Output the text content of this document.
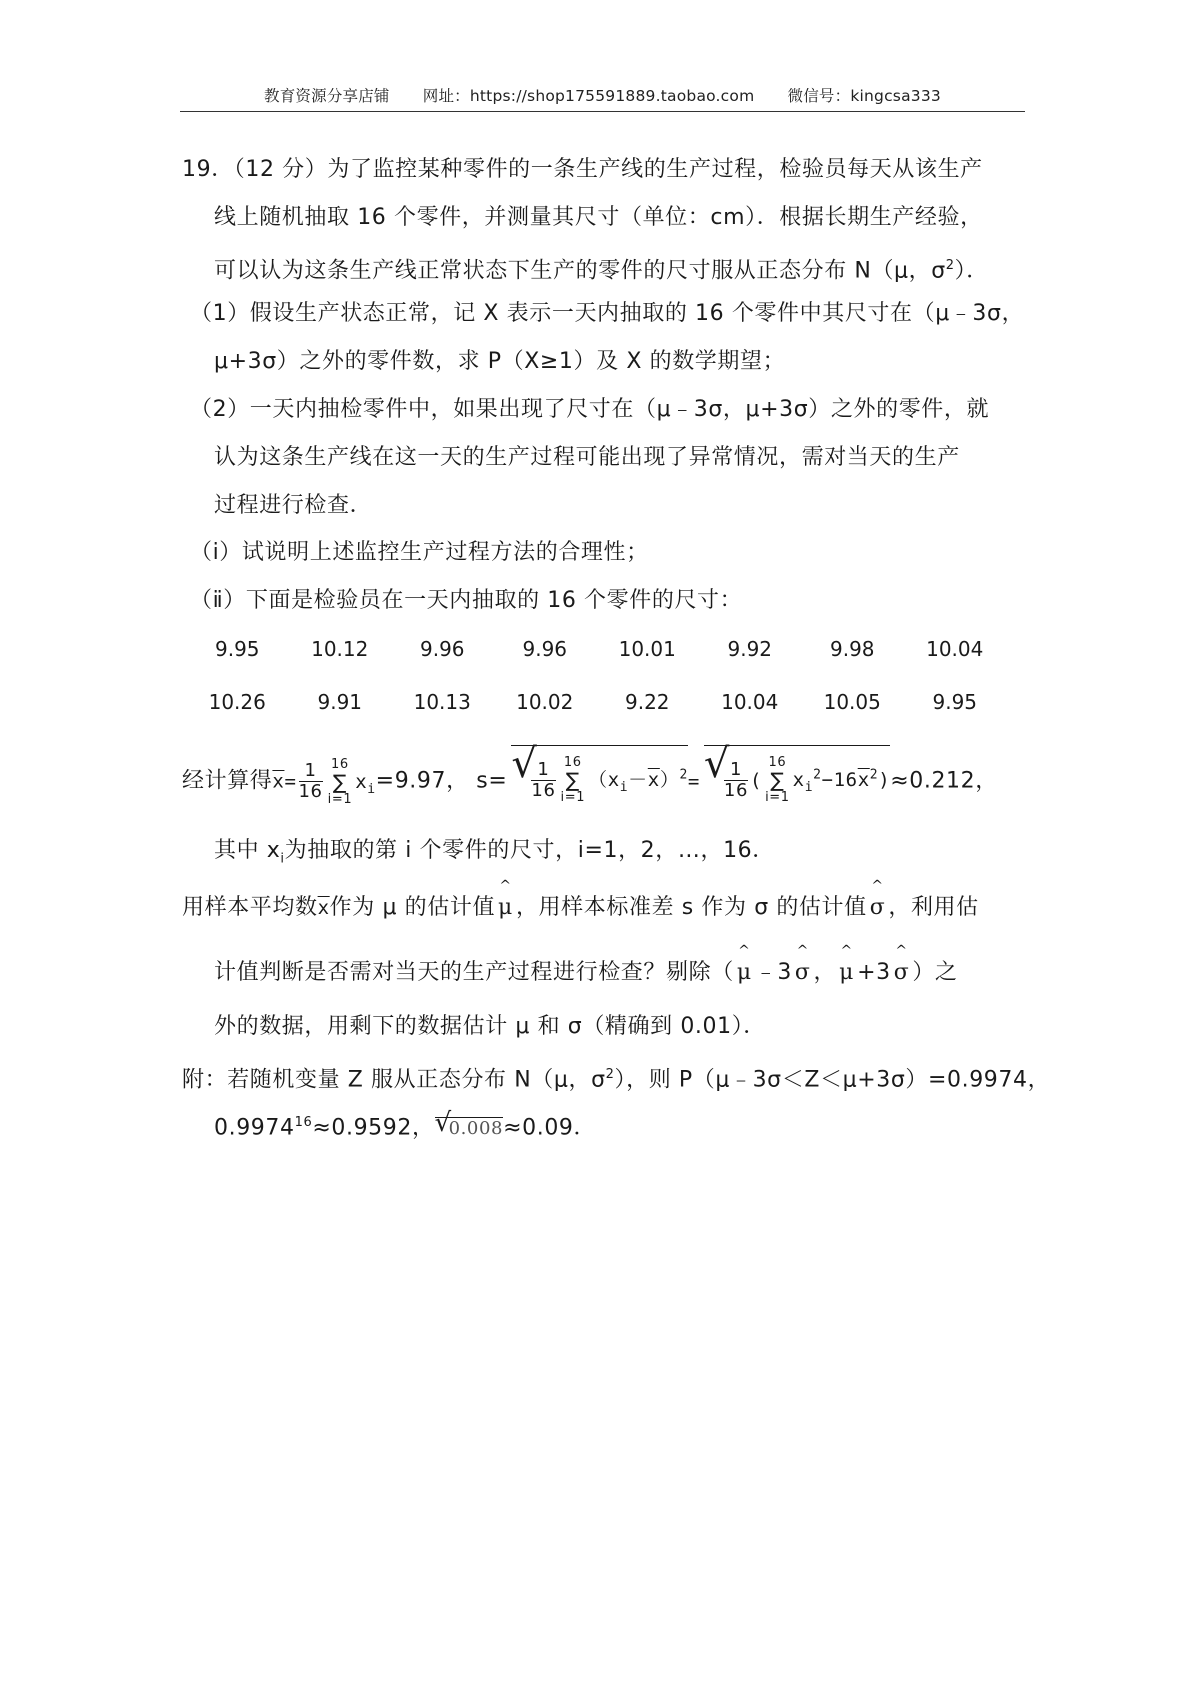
教育资源分享店铺 网址：https://shop175591889.taobao.com 微信号：kingcsa333
19．（12 分）为了监控某种零件的一条生产线的生产过程，检验员每天从该生产
线上随机抽取 16 个零件，并测量其尺寸（单位：cm）．根据长期生产经验，
可以认为这条生产线正常状态下生产的零件的尺寸服从正态分布 N（μ，$\sigma^2$）．
（1）假设生产状态正常，记 X 表示一天内抽取的 16 个零件中其尺寸在（μ﹣3σ，
μ+3σ）之外的零件数，求 P（X≥1）及 X 的数学期望；
（2）一天内抽检零件中，如果出现了尺寸在（μ﹣3σ，μ+3σ）之外的零件，就
认为这条生产线在这一天的生产过程可能出现了异常情况，需对当天的生产
过程进行检查．
（ⅰ）试说明上述监控生产过程方法的合理性；
（ⅱ）下面是检验员在一天内抽取的 16 个零件的尺寸：
9.95	10.12	9.96	9.96	10.01	9.92	9.98	10.04
10.26	9.91	10.13	10.02	9.22	10.04	10.05	9.95
经计算得$\overline{x}= \frac{1}{16} 16$
∑
$i=1x_i=9.97$， s= √ $\frac{1}{16} 16$
∑
$i=1(x_i-\overline{x})^2=$ √ $\frac{1}{16} (16$
∑
$i=1x_i^2-16\overline{x}^2)\approx 0.212$，
其中 $x_i$为抽取的第 i 个零件的尺寸，i=1，2，…，16．
用样本平均数$\overline{x}$作为 μ 的估计值 ^ μ ，用样本标准差 s 作为 σ 的估计值 ^ σ ，利用估
计值判断是否需对当天的生产过程进行检查？剔除（ ^ μ ﹣3 ^ σ ， ^ μ +3 ^ σ ）之
外的数据，用剩下的数据估计 μ 和 σ（精确到 0.01）．
附：若随机变量 Z 服从正态分布 N（μ，$\sigma^2$），则 P（μ﹣3σ＜Z＜μ+3σ）=0.9974，
$0.9974^{16}\approx 0.9592$， √ 0.008≈0.09．
